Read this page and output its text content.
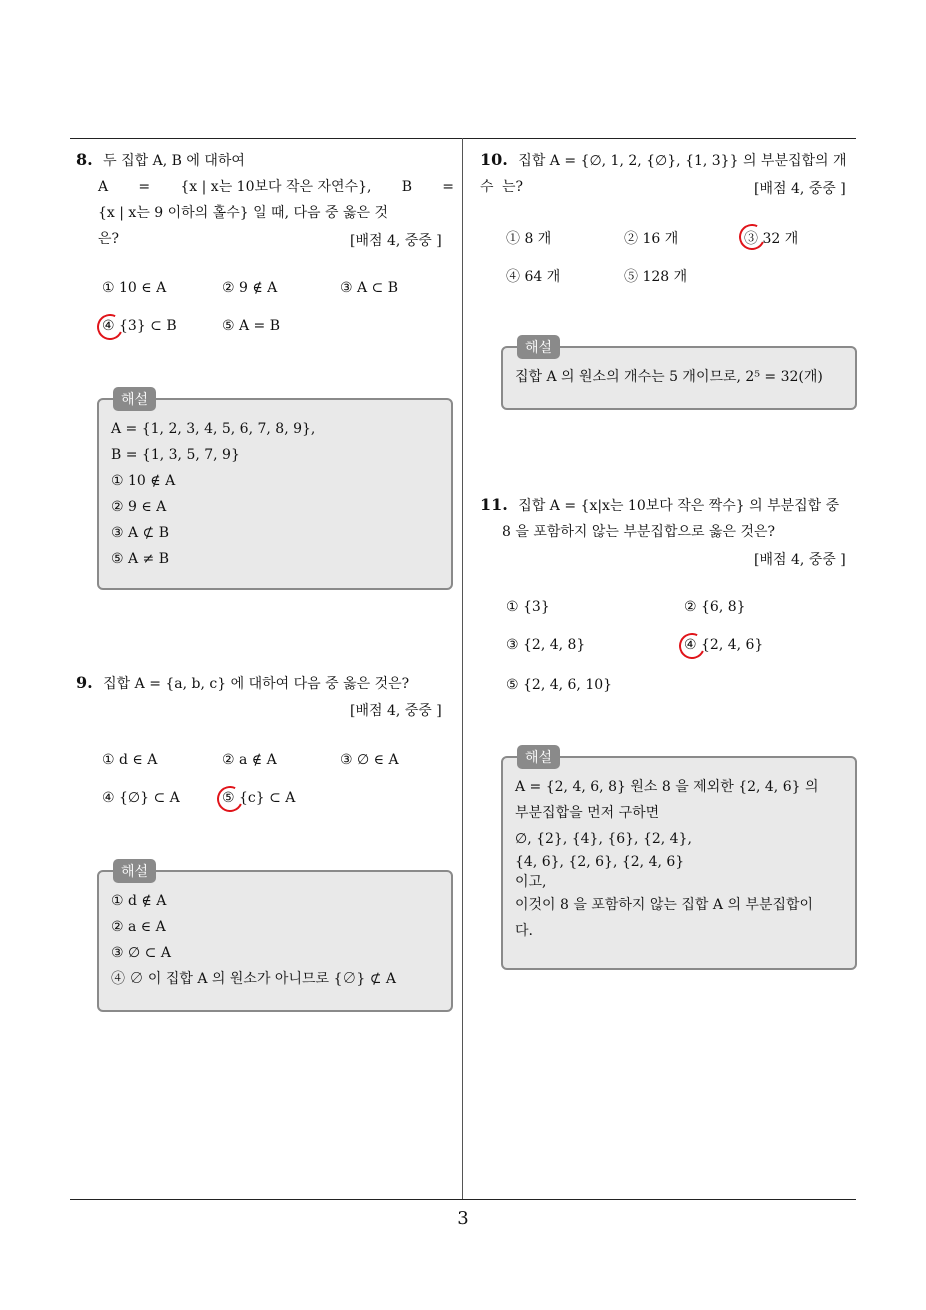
8. 두 집합 A, B 에 대하여
A = {x | x는 10보다 작은 자연수}, B =
{x | x는 9 이하의 홀수} 일 때, 다음 중 옳은 것
은?	[배점 4, 중중 ]
① 10 ∈ A	② 9 ∉ A	③ A ⊂ B
④ {3} ⊂ B	⑤ A = B
해설
A = {1, 2, 3, 4, 5, 6, 7, 8, 9},
B = {1, 3, 5, 7, 9}
① 10 ∉ A
② 9 ∈ A
③ A ⊄ B
⑤ A ≠ B
9. 집합 A = {a, b, c} 에 대하여 다음 중 옳은 것은?
[배점 4, 중중 ]
① d ∈ A	② a ∉ A	③ ∅ ∈ A
④ {∅} ⊂ A	⑤ {c} ⊂ A
해설
① d ∉ A
② a ∈ A
③ ∅ ⊂ A
④ ∅ 이 집합 A 의 원소가 아니므로 {∅} ⊄ A
10. 집합 A = {∅, 1, 2, {∅}, {1, 3}} 의 부분집합의 개수 는?	[배점 4, 중중 ]
① 8 개	② 16 개	③ 32 개
④ 64 개	⑤ 128 개
해설
집합 A 의 원소의 개수는 5 개이므로, 2⁵ = 32(개)
11. 집합 A = {x|x는 10보다 작은 짝수} 의 부분집합 중
8 을 포함하지 않는 부분집합으로 옳은 것은?
[배점 4, 중중 ]
① {3}	② {6, 8}
③ {2, 4, 8}	④ {2, 4, 6}
⑤ {2, 4, 6, 10}
해설
A = {2, 4, 6, 8} 원소 8 을 제외한 {2, 4, 6} 의
부분집합을 먼저 구하면
∅, {2}, {4}, {6}, {2, 4},
{4, 6}, {2, 6}, {2, 4, 6}
이고,
이것이 8 을 포함하지 않는 집합 A 의 부분집합이
다.
3
